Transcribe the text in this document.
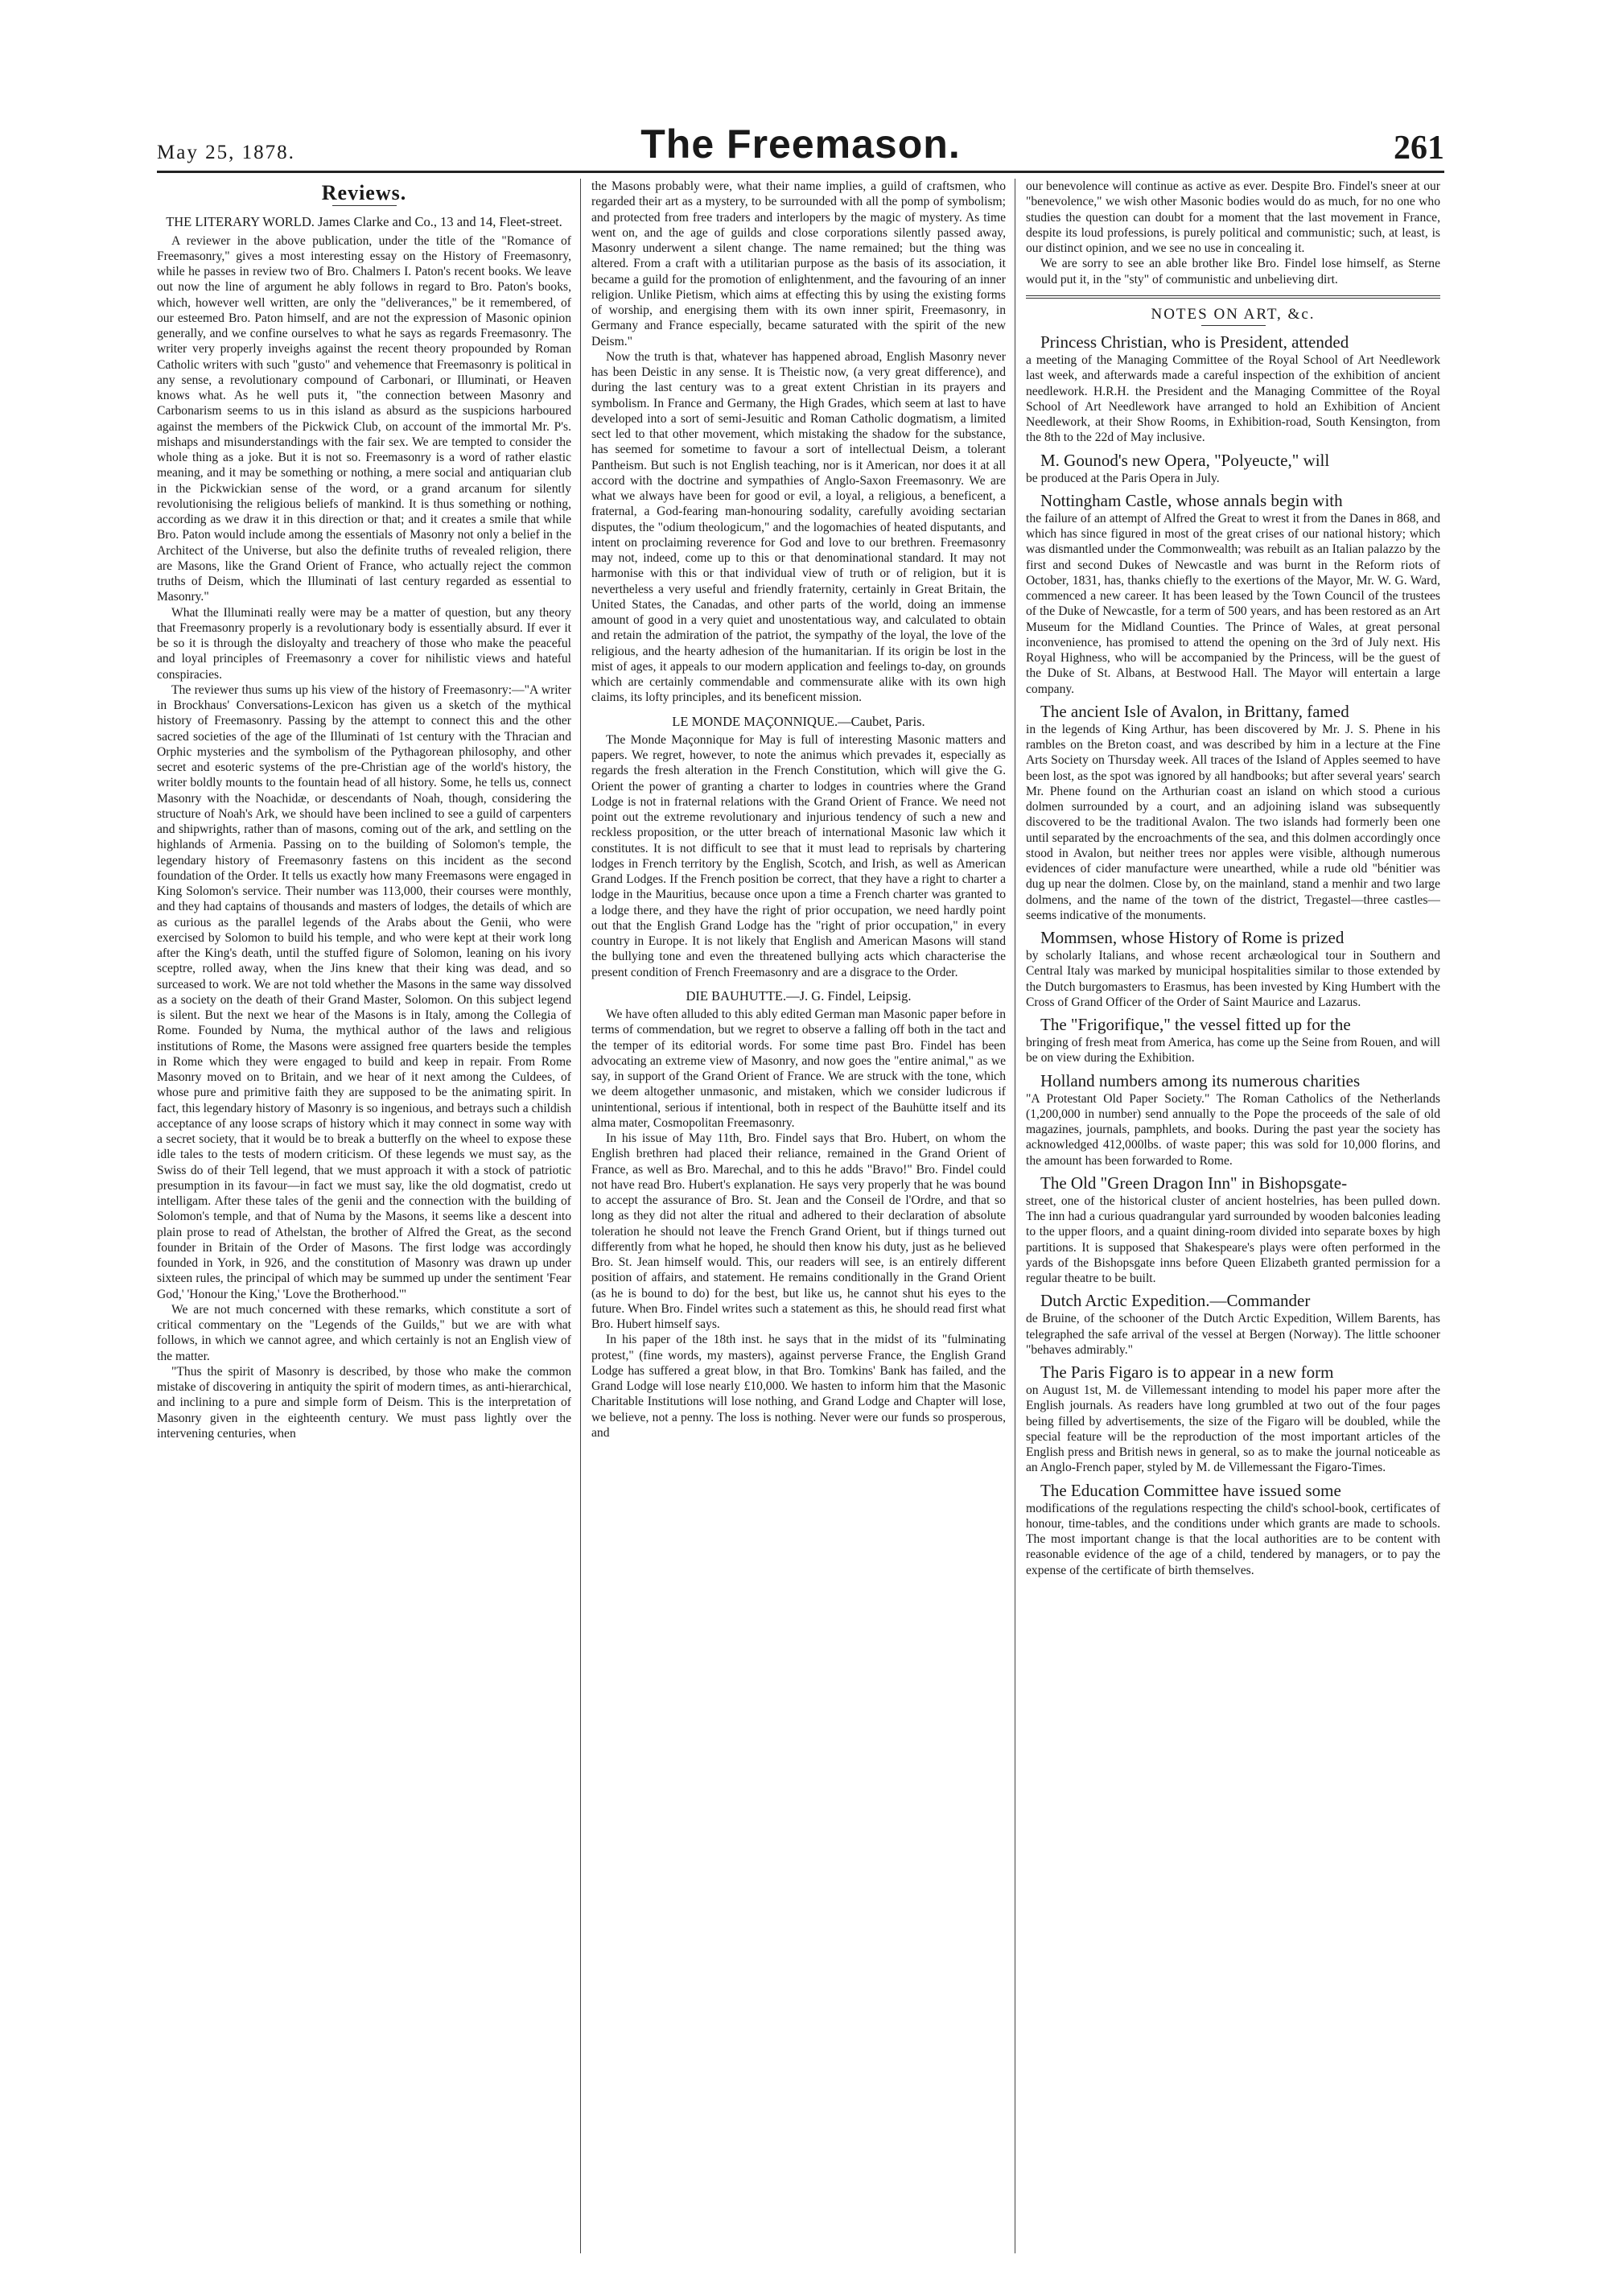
May 25, 1878.	The Freemason.	261
Reviews.
THE LITERARY WORLD. James Clarke and Co., 13 and 14, Fleet-street.

A reviewer in the above publication, under the title of the "Romance of Freemasonry," gives a most interesting essay on the History of Freemasonry, while he passes in review two of Bro. Chalmers I. Paton's recent books. We leave out now the line of argument he ably follows in regard to Bro. Paton's books, which, however well written, are only the "deliverances," be it remembered, of our esteemed Bro. Paton himself, and are not the expression of Masonic opinion generally, and we confine ourselves to what he says as regards Freemasonry. The writer very properly inveighs against the recent theory propounded by Roman Catholic writers with such "gusto" and vehemence that Freemasonry is political in any sense, a revolutionary compound of Carbonari, or Illuminati, or Heaven knows what. As he well puts it, "the connection between Masonry and Carbonarism seems to us in this island as absurd as the suspicions harboured against the members of the Pickwick Club, on account of the immortal Mr. P's. mishaps and misunderstandings with the fair sex. We are tempted to consider the whole thing as a joke. But it is not so. Freemasonry is a word of rather elastic meaning, and it may be something or nothing, a mere social and antiquarian club in the Pickwickian sense of the word, or a grand arcanum for silently revolutionising the religious beliefs of mankind. It is thus something or nothing, according as we draw it in this direction or that; and it creates a smile that while Bro. Paton would include among the essentials of Masonry not only a belief in the Architect of the Universe, but also the definite truths of revealed religion, there are Masons, like the Grand Orient of France, who actually reject the common truths of Deism, which the Illuminati of last century regarded as essential to Masonry."

What the Illuminati really were may be a matter of question, but any theory that Freemasonry properly is a revolutionary body is essentially absurd. If ever it be so it is through the disloyalty and treachery of those who make the peaceful and loyal principles of Freemasonry a cover for nihilistic views and hateful conspiracies.

The reviewer thus sums up his view of the history of Freemasonry:—"A writer in Brockhaus' Conversations-Lexicon has given us a sketch of the mythical history of Freemasonry. Passing by the attempt to connect this and the other sacred societies of the age of the Illuminati of 1st century with the Thracian and Orphic mysteries and the symbolism of the Pythagorean philosophy, and other secret and esoteric systems of the pre-Christian age of the world's history, the writer boldly mounts to the fountain head of all history. Some, he tells us, connect Masonry with the Noachidæ, or descendants of Noah, though, considering the structure of Noah's Ark, we should have been inclined to see a guild of carpenters and shipwrights, rather than of masons, coming out of the ark, and settling on the highlands of Armenia. Passing on to the building of Solomon's temple, the legendary history of Freemasonry fastens on this incident as the second foundation of the Order. It tells us exactly how many Freemasons were engaged in King Solomon's service. Their number was 113,000, their courses were monthly, and they had captains of thousands and masters of lodges, the details of which are as curious as the parallel legends of the Arabs about the Genii, who were exercised by Solomon to build his temple, and who were kept at their work long after the King's death, until the stuffed figure of Solomon, leaning on his ivory sceptre, rolled away, when the Jins knew that their king was dead, and so surceased to work. We are not told whether the Masons in the same way dissolved as a society on the death of their Grand Master, Solomon. On this subject legend is silent. But the next we hear of the Masons is in Italy, among the Collegia of Rome. Founded by Numa, the mythical author of the laws and religious institutions of Rome, the Masons were assigned free quarters beside the temples in Rome which they were engaged to build and keep in repair. From Rome Masonry moved on to Britain, and we hear of it next among the Culdees, of whose pure and primitive faith they are supposed to be the animating spirit. In fact, this legendary history of Masonry is so ingenious, and betrays such a childish acceptance of any loose scraps of history which it may connect in some way with a secret society, that it would be to break a butterfly on the wheel to expose these idle tales to the tests of modern criticism. Of these legends we must say, as the Swiss do of their Tell legend, that we must approach it with a stock of patriotic presumption in its favour—in fact we must say, like the old dogmatist, credo ut intelligam. After these tales of the genii and the connection with the building of Solomon's temple, and that of Numa by the Masons, it seems like a descent into plain prose to read of Athelstan, the brother of Alfred the Great, as the second founder in Britain of the Order of Masons. The first lodge was accordingly founded in York, in 926, and the constitution of Masonry was drawn up under sixteen rules, the principal of which may be summed up under the sentiment 'Fear God,' 'Honour the King,' 'Love the Brotherhood.'"

We are not much concerned with these remarks, which constitute a sort of critical commentary on the "Legends of the Guilds," but we are with what follows, in which we cannot agree, and which certainly is not an English view of the matter.

"Thus the spirit of Masonry is described, by those who make the common mistake of discovering in antiquity the spirit of modern times, as anti-hierarchical, and inclining to a pure and simple form of Deism. This is the interpretation of Masonry given in the eighteenth century. We must pass lightly over the intervening centuries, when

the Masons probably were, what their name implies, a guild of craftsmen, who regarded their art as a mystery, to be surrounded with all the pomp of symbolism; and protected from free traders and interlopers by the magic of mystery. As time went on, and the age of guilds and close corporations silently passed away, Masonry underwent a silent change. The name remained; but the thing was altered. From a craft with a utilitarian purpose as the basis of its association, it became a guild for the promotion of enlightenment, and the favouring of an inner religion. Unlike Pietism, which aims at effecting this by using the existing forms of worship, and energising them with its own inner spirit, Freemasonry, in Germany and France especially, became saturated with the spirit of the new Deism."

Now the truth is that, whatever has happened abroad, English Masonry never has been Deistic in any sense. It is Theistic now, (a very great difference), and during the last century was to a great extent Christian in its prayers and symbolism. In France and Germany, the High Grades, which seem at last to have developed into a sort of semi-Jesuitic and Roman Catholic dogmatism, a limited sect led to that other movement, which mistaking the shadow for the substance, has seemed for sometime to favour a sort of intellectual Deism, a tolerant Pantheism. But such is not English teaching, nor is it American, nor does it at all accord with the doctrine and sympathies of Anglo-Saxon Freemasonry. We are what we always have been for good or evil, a loyal, a religious, a beneficent, a fraternal, a God-fearing man-honouring sodality, carefully avoiding sectarian disputes, the "odium theologicum," and the logomachies of heated disputants, and intent on proclaiming reverence for God and love to our brethren. Freemasonry may not, indeed, come up to this or that denominational standard. It may not harmonise with this or that individual view of truth or of religion, but it is nevertheless a very useful and friendly fraternity, certainly in Great Britain, the United States, the Canadas, and other parts of the world, doing an immense amount of good in a very quiet and unostentatious way, and calculated to obtain and retain the admiration of the patriot, the sympathy of the loyal, the love of the religious, and the hearty adhesion of the humanitarian. If its origin be lost in the mist of ages, it appeals to our modern application and feelings to-day, on grounds which are certainly commendable and commensurate alike with its own high claims, its lofty principles, and its beneficent mission.

LE MONDE MAÇONNIQUE.—Caubet, Paris.

The Monde Maçonnique for May is full of interesting Masonic matters and papers. We regret, however, to note the animus which prevades it, especially as regards the fresh alteration in the French Constitution, which will give the G. Orient the power of granting a charter to lodges in countries where the Grand Lodge is not in fraternal relations with the Grand Orient of France. We need not point out the extreme revolutionary and injurious tendency of such a new and reckless proposition, or the utter breach of international Masonic law which it constitutes. It is not difficult to see that it must lead to reprisals by chartering lodges in French territory by the English, Scotch, and Irish, as well as American Grand Lodges. If the French position be correct, that they have a right to charter a lodge in the Mauritius, because once upon a time a French charter was granted to a lodge there, and they have the right of prior occupation, we need hardly point out that the English Grand Lodge has the "right of prior occupation," in every country in Europe. It is not likely that English and American Masons will stand the bullying tone and even the threatened bullying acts which characterise the present condition of French Freemasonry and are a disgrace to the Order.

DIE BAUHUTTE.—J. G. Findel, Leipsig.

We have often alluded to this ably edited German man Masonic paper before in terms of commendation, but we regret to observe a falling off both in the tact and the temper of its editorial words. For some time past Bro. Findel has been advocating an extreme view of Masonry, and now goes the "entire animal," as we say, in support of the Grand Orient of France. We are struck with the tone, which we deem altogether unmasonic, and mistaken, which we consider ludicrous if unintentional, serious if intentional, both in respect of the Bauhütte itself and its alma mater, Cosmopolitan Freemasonry.

In his issue of May 11th, Bro. Findel says that Bro. Hubert, on whom the English brethren had placed their reliance, remained in the Grand Orient of France, as well as Bro. Marechal, and to this he adds "Bravo!" Bro. Findel could not have read Bro. Hubert's explanation. He says very properly that he was bound to accept the assurance of Bro. St. Jean and the Conseil de l'Ordre, and that so long as they did not alter the ritual and adhered to their declaration of absolute toleration he should not leave the French Grand Orient, but if things turned out differently from what he hoped, he should then know his duty, just as he believed Bro. St. Jean himself would. This, our readers will see, is an entirely different position of affairs, and statement. He remains conditionally in the Grand Orient (as he is bound to do) for the best, but like us, he cannot shut his eyes to the future. When Bro. Findel writes such a statement as this, he should read first what Bro. Hubert himself says.

In his paper of the 18th inst. he says that in the midst of its "fulminating protest," (fine words, my masters), against perverse France, the English Grand Lodge has suffered a great blow, in that Bro. Tomkins' Bank has failed, and the Grand Lodge will lose nearly £10,000. We hasten to inform him that the Masonic Charitable Institutions will lose nothing, and Grand Lodge and Chapter will lose, we believe, not a penny. The loss is nothing. Never were our funds so prosperous, and

our benevolence will continue as active as ever. Despite Bro. Findel's sneer at our "benevolence," we wish other Masonic bodies would do as much, for no one who studies the question can doubt for a moment that the last movement in France, despite its loud professions, is purely political and communistic; such, at least, is our distinct opinion, and we see no use in concealing it.

We are sorry to see an able brother like Bro. Findel lose himself, as Sterne would put it, in the "sty" of communistic and unbelieving dirt.

NOTES ON ART, &c.

Princess Christian, who is President, attended

a meeting of the Managing Committee of the Royal School of Art Needlework last week, and afterwards made a careful inspection of the exhibition of ancient needlework. H.R.H. the President and the Managing Committee of the Royal School of Art Needlework have arranged to hold an Exhibition of Ancient Needlework, at their Show Rooms, in Exhibition-road, South Kensington, from the 8th to the 22d of May inclusive.

M. Gounod's new Opera, "Polyeucte," will

be produced at the Paris Opera in July.

Nottingham Castle, whose annals begin with

the failure of an attempt of Alfred the Great to wrest it from the Danes in 868, and which has since figured in most of the great crises of our national history; which was dismantled under the Commonwealth; was rebuilt as an Italian palazzo by the first and second Dukes of Newcastle and was burnt in the Reform riots of October, 1831, has, thanks chiefly to the exertions of the Mayor, Mr. W. G. Ward, commenced a new career. It has been leased by the Town Council of the trustees of the Duke of Newcastle, for a term of 500 years, and has been restored as an Art Museum for the Midland Counties. The Prince of Wales, at great personal inconvenience, has promised to attend the opening on the 3rd of July next. His Royal Highness, who will be accompanied by the Princess, will be the guest of the Duke of St. Albans, at Bestwood Hall. The Mayor will entertain a large company.

The ancient Isle of Avalon, in Brittany, famed

in the legends of King Arthur, has been discovered by Mr. J. S. Phene in his rambles on the Breton coast, and was described by him in a lecture at the Fine Arts Society on Thursday week. All traces of the Island of Apples seemed to have been lost, as the spot was ignored by all handbooks; but after several years' search Mr. Phene found on the Arthurian coast an island on which stood a curious dolmen surrounded by a court, and an adjoining island was subsequently discovered to be the traditional Avalon. The two islands had formerly been one until separated by the encroachments of the sea, and this dolmen accordingly once stood in Avalon, but neither trees nor apples were visible, although numerous evidences of cider manufacture were unearthed, while a rude old "bénitier was dug up near the dolmen. Close by, on the mainland, stand a menhir and two large dolmens, and the name of the town of the district, Tregastel—three castles—seems indicative of the monuments.

Mommsen, whose History of Rome is prized

by scholarly Italians, and whose recent archæological tour in Southern and Central Italy was marked by municipal hospitalities similar to those extended by the Dutch burgomasters to Erasmus, has been invested by King Humbert with the Cross of Grand Officer of the Order of Saint Maurice and Lazarus.

The "Frigorifique," the vessel fitted up for the

bringing of fresh meat from America, has come up the Seine from Rouen, and will be on view during the Exhibition.

Holland numbers among its numerous charities

"A Protestant Old Paper Society." The Roman Catholics of the Netherlands (1,200,000 in number) send annually to the Pope the proceeds of the sale of old magazines, journals, pamphlets, and books. During the past year the society has acknowledged 412,000lbs. of waste paper; this was sold for 10,000 florins, and the amount has been forwarded to Rome.

The Old "Green Dragon Inn" in Bishopsgate-

street, one of the historical cluster of ancient hostelries, has been pulled down. The inn had a curious quadrangular yard surrounded by wooden balconies leading to the upper floors, and a quaint dining-room divided into separate boxes by high partitions. It is supposed that Shakespeare's plays were often performed in the yards of the Bishopsgate inns before Queen Elizabeth granted permission for a regular theatre to be built.

Dutch Arctic Expedition.—Commander

de Bruine, of the schooner of the Dutch Arctic Expedition, Willem Barents, has telegraphed the safe arrival of the vessel at Bergen (Norway). The little schooner "behaves admirably."

The Paris Figaro is to appear in a new form

on August 1st, M. de Villemessant intending to model his paper more after the English journals. As readers have long grumbled at two out of the four pages being filled by advertisements, the size of the Figaro will be doubled, while the special feature will be the reproduction of the most important articles of the English press and British news in general, so as to make the journal noticeable as an Anglo-French paper, styled by M. de Villemessant the Figaro-Times.

The Education Committee have issued some

modifications of the regulations respecting the child's school-book, certificates of honour, time-tables, and the conditions under which grants are made to schools. The most important change is that the local authorities are to be content with reasonable evidence of the age of a child, tendered by managers, or to pay the expense of the certificate of birth themselves.
